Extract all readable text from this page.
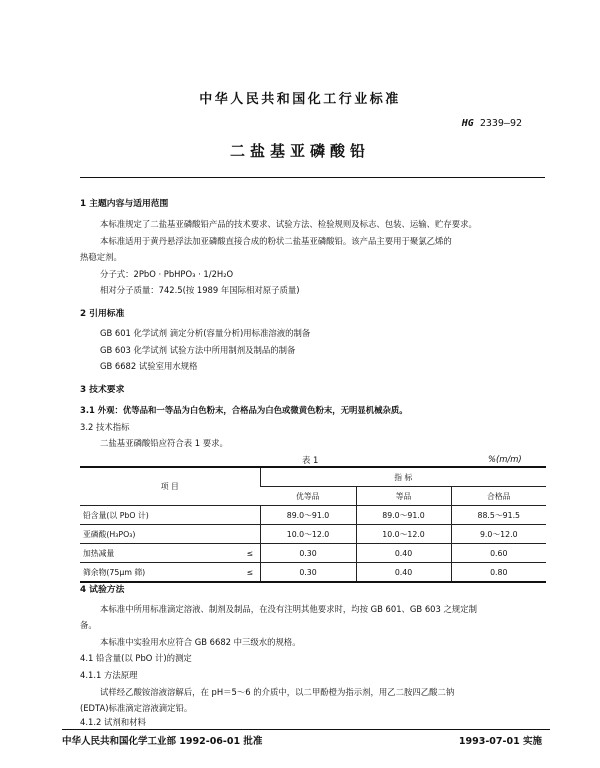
中华人民共和国化工行业标准
HG 2339—92
二盐基亚磷酸铅
1 主题内容与适用范围
本标准规定了二盐基亚磷酸铅产品的技术要求、试验方法、检验规则及标志、包装、运输、贮存要求。
本标准适用于黄丹悬浮法加亚磷酸直接合成的粉状二盐基亚磷酸铅。该产品主要用于聚氯乙烯的
热稳定剂。
分子式：2PbO · PbHPO₃ · 1/2H₂O
相对分子质量：742.5(按 1989 年国际相对原子质量)
2 引用标准
GB 601 化学试剂 滴定分析(容量分析)用标准溶液的制备
GB 603 化学试剂 试验方法中所用制剂及制品的制备
GB 6682 试验室用水规格
3 技术要求
3.1 外观：优等品和一等品为白色粉末，合格品为白色或微黄色粉末，无明显机械杂质。
3.2 技术指标
二盐基亚磷酸铅应符合表 1 要求。
表 1	%(m/m)
项 目		指 标		
		优等品	等品	合格品
铅含量(以 PbO 计)		89.0～91.0	89.0～91.0	88.5～91.5
亚磷酸(H₃PO₃)		10.0～12.0	10.0～12.0	9.0～12.0
加热减量	≤	0.30	0.40	0.60
筛余物(75μm 筛)	≤	0.30	0.40	0.80
4 试验方法
本标准中所用标准滴定溶液、制剂及制品，在没有注明其他要求时，均按 GB 601、GB 603 之规定制
备。
本标准中实验用水应符合 GB 6682 中三级水的规格。
4.1 铅含量(以 PbO 计)的测定
4.1.1 方法原理
试样经乙酸铵溶液溶解后，在 pH＝5～6 的介质中，以二甲酚橙为指示剂，用乙二胺四乙酸二钠
(EDTA)标准滴定溶液滴定铅。
4.1.2 试剂和材料
中华人民共和国化学工业部 1992-06-01 批准	1993-07-01 实施
